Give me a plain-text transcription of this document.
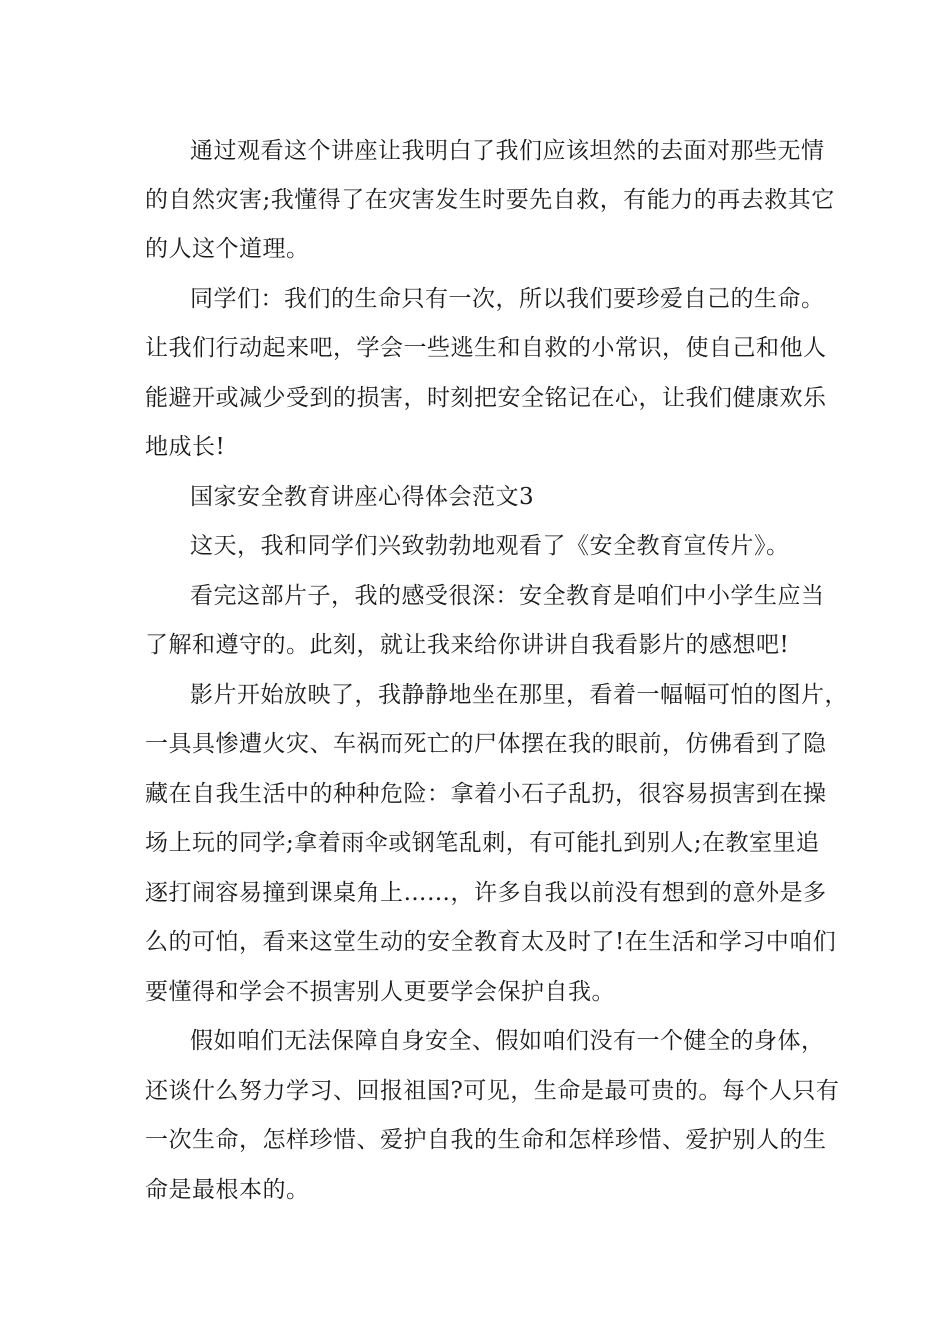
通过观看这个讲座让我明白了我们应该坦然的去面对那些无情
的自然灾害;我懂得了在灾害发生时要先自救，有能力的再去救其它
的人这个道理。
同学们：我们的生命只有一次，所以我们要珍爱自己的生命。
让我们行动起来吧，学会一些逃生和自救的小常识，使自己和他人
能避开或减少受到的损害，时刻把安全铭记在心，让我们健康欢乐
地成长!
国家安全教育讲座心得体会范文3
这天，我和同学们兴致勃勃地观看了《安全教育宣传片》。
看完这部片子，我的感受很深：安全教育是咱们中小学生应当
了解和遵守的。此刻，就让我来给你讲讲自我看影片的感想吧!
影片开始放映了，我静静地坐在那里，看着一幅幅可怕的图片，
一具具惨遭火灾、车祸而死亡的尸体摆在我的眼前，仿佛看到了隐
藏在自我生活中的种种危险：拿着小石子乱扔，很容易损害到在操
场上玩的同学;拿着雨伞或钢笔乱刺，有可能扎到别人;在教室里追
逐打闹容易撞到课桌角上……，许多自我以前没有想到的意外是多
么的可怕，看来这堂生动的安全教育太及时了!在生活和学习中咱们
要懂得和学会不损害别人更要学会保护自我。
假如咱们无法保障自身安全、假如咱们没有一个健全的身体，
还谈什么努力学习、回报祖国?可见，生命是最可贵的。每个人只有
一次生命，怎样珍惜、爱护自我的生命和怎样珍惜、爱护别人的生
命是最根本的。
